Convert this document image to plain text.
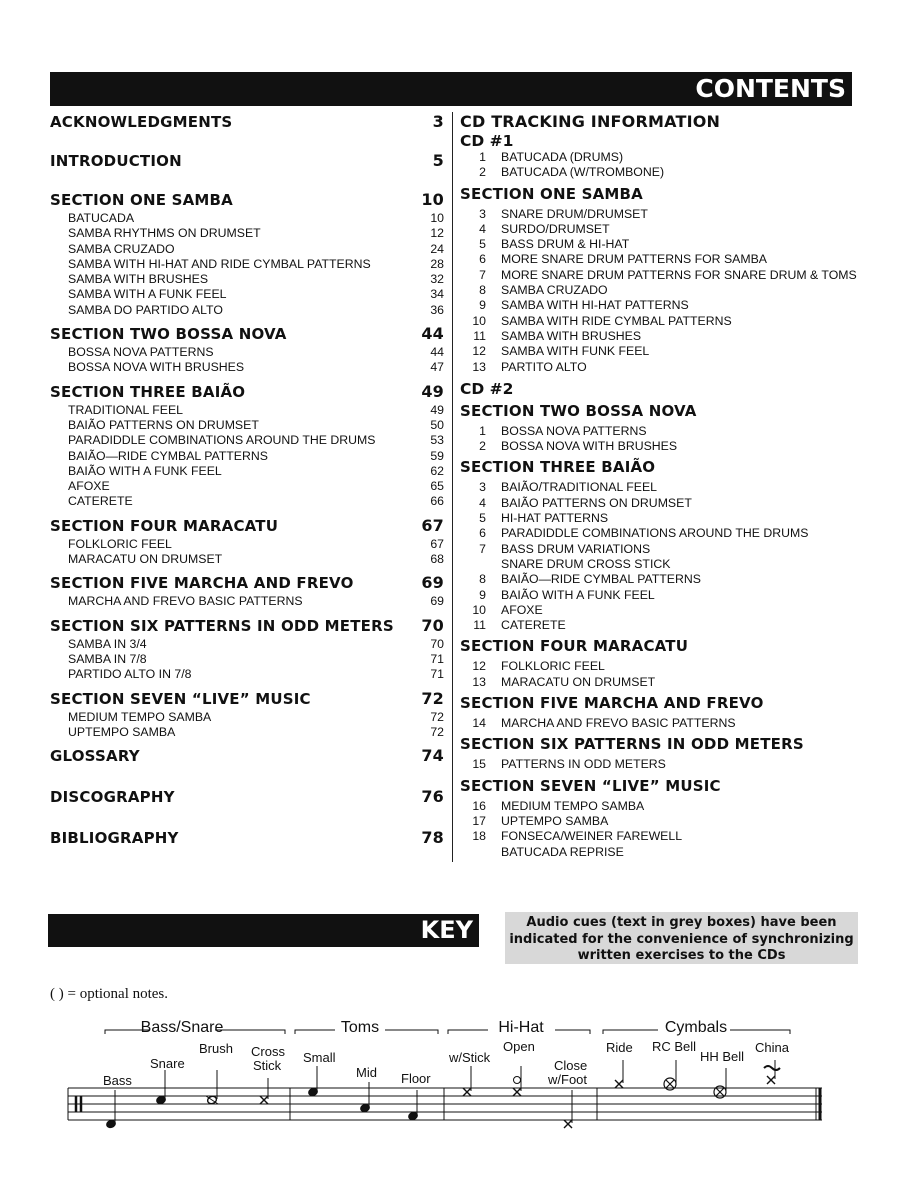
CONTENTS
ACKNOWLEDGMENTS	3
INTRODUCTION	5
SECTION ONE SAMBA	10
BATUCADA	10
SAMBA RHYTHMS ON DRUMSET	12
SAMBA CRUZADO	24
SAMBA WITH HI-HAT AND RIDE CYMBAL PATTERNS	28
SAMBA WITH BRUSHES	32
SAMBA WITH A FUNK FEEL	34
SAMBA DO PARTIDO ALTO	36
SECTION TWO BOSSA NOVA	44
BOSSA NOVA PATTERNS	44
BOSSA NOVA WITH BRUSHES	47
SECTION THREE BAIÃO	49
TRADITIONAL FEEL	49
BAIÃO PATTERNS ON DRUMSET	50
PARADIDDLE COMBINATIONS AROUND THE DRUMS	53
BAIÃO—RIDE CYMBAL PATTERNS	59
BAIÃO WITH A FUNK FEEL	62
AFOXE	65
CATERETE	66
SECTION FOUR MARACATU	67
FOLKLORIC FEEL	67
MARACATU ON DRUMSET	68
SECTION FIVE MARCHA AND FREVO	69
MARCHA AND FREVO BASIC PATTERNS	69
SECTION SIX PATTERNS IN ODD METERS 70
SAMBA IN 3/4	70
SAMBA IN 7/8	71
PARTIDO ALTO IN 7/8	71
SECTION SEVEN “LIVE” MUSIC	72
MEDIUM TEMPO SAMBA	72
UPTEMPO SAMBA	72
GLOSSARY	74
DISCOGRAPHY	76
BIBLIOGRAPHY	78
CD TRACKING INFORMATION
CD #1
1 BATUCADA (DRUMS)
2 BATUCADA (W/TROMBONE)
SECTION ONE SAMBA
3 SNARE DRUM/DRUMSET
4 SURDO/DRUMSET
5 BASS DRUM & HI-HAT
6 MORE SNARE DRUM PATTERNS FOR SAMBA
7 MORE SNARE DRUM PATTERNS FOR SNARE DRUM & TOMS
8 SAMBA CRUZADO
9 SAMBA WITH HI-HAT PATTERNS
10 SAMBA WITH RIDE CYMBAL PATTERNS
11 SAMBA WITH BRUSHES
12 SAMBA WITH FUNK FEEL
13 PARTITO ALTO
CD #2
SECTION TWO BOSSA NOVA
1 BOSSA NOVA PATTERNS
2 BOSSA NOVA WITH BRUSHES
SECTION THREE BAIÃO
3 BAIÃO/TRADITIONAL FEEL
4 BAIÃO PATTERNS ON DRUMSET
5 HI-HAT PATTERNS
6 PARADIDDLE COMBINATIONS AROUND THE DRUMS
7 BASS DRUM VARIATIONS
SNARE DRUM CROSS STICK
8 BAIÃO—RIDE CYMBAL PATTERNS
9 BAIÃO WITH A FUNK FEEL
10 AFOXE
11 CATERETE
SECTION FOUR MARACATU
12 FOLKLORIC FEEL
13 MARACATU ON DRUMSET
SECTION FIVE MARCHA AND FREVO
14 MARCHA AND FREVO BASIC PATTERNS
SECTION SIX PATTERNS IN ODD METERS
15 PATTERNS IN ODD METERS
SECTION SEVEN “LIVE” MUSIC
16 MEDIUM TEMPO SAMBA
17 UPTEMPO SAMBA
18 FONSECA/WEINER FAREWELL
BATUCADA REPRISE
KEY	Audio cues (text in grey boxes) have been indicated for the convenience of synchronizing written exercises to the CDs
( ) = optional notes.
Bass/Snare	Toms	Hi-Hat	Cymbals
Bass
Snare
Brush Cross
Stick
Small
Mid Floor
w/Stick
Open
Close
w/Foot
Ride RC Bell
HH Bell
China
